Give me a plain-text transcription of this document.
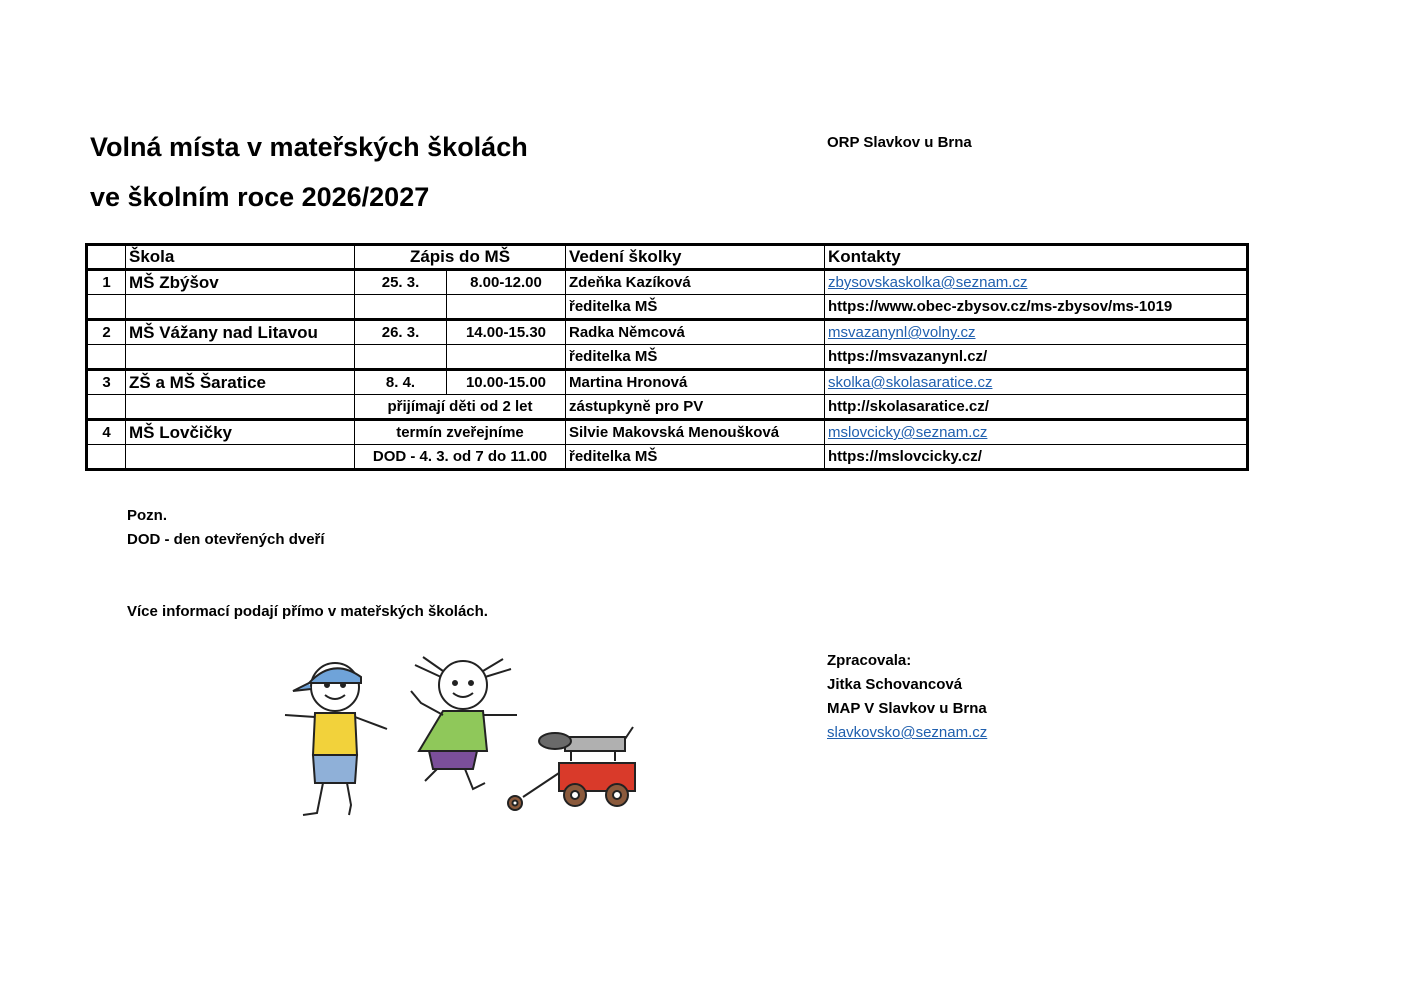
Volná místa v mateřských školách
ve školním roce 2026/2027
ORP Slavkov u Brna
	Škola	Zápis do MŠ		Vedení školky	Kontakty
1	MŠ Zbýšov	25. 3.	8.00-12.00	Zdeňka Kazíková	zbysovskaskolka@seznam.cz
				ředitelka MŠ	https://www.obec-zbysov.cz/ms-zbysov/ms-1019
2	MŠ Vážany nad Litavou	26. 3.	14.00-15.30	Radka Němcová	msvazanynl@volny.cz
				ředitelka MŠ	https://msvazanynl.cz/
3	ZŠ a MŠ Šaratice	8. 4.	10.00-15.00	Martina Hronová	skolka@skolasaratice.cz
		přijímají děti od 2 let		zástupkyně pro PV	http://skolasaratice.cz/
4	MŠ Lovčičky	termín zveřejníme		Silvie Makovská Menoušková	mslovcicky@seznam.cz
		DOD - 4. 3. od 7 do 11.00		ředitelka MŠ	https://mslovcicky.cz/
Pozn.
DOD - den otevřených dveří
Více informací podají přímo v mateřských školách.
Zpracovala:
Jitka Schovancová
MAP V Slavkov u Brna
slavkovsko@seznam.cz
